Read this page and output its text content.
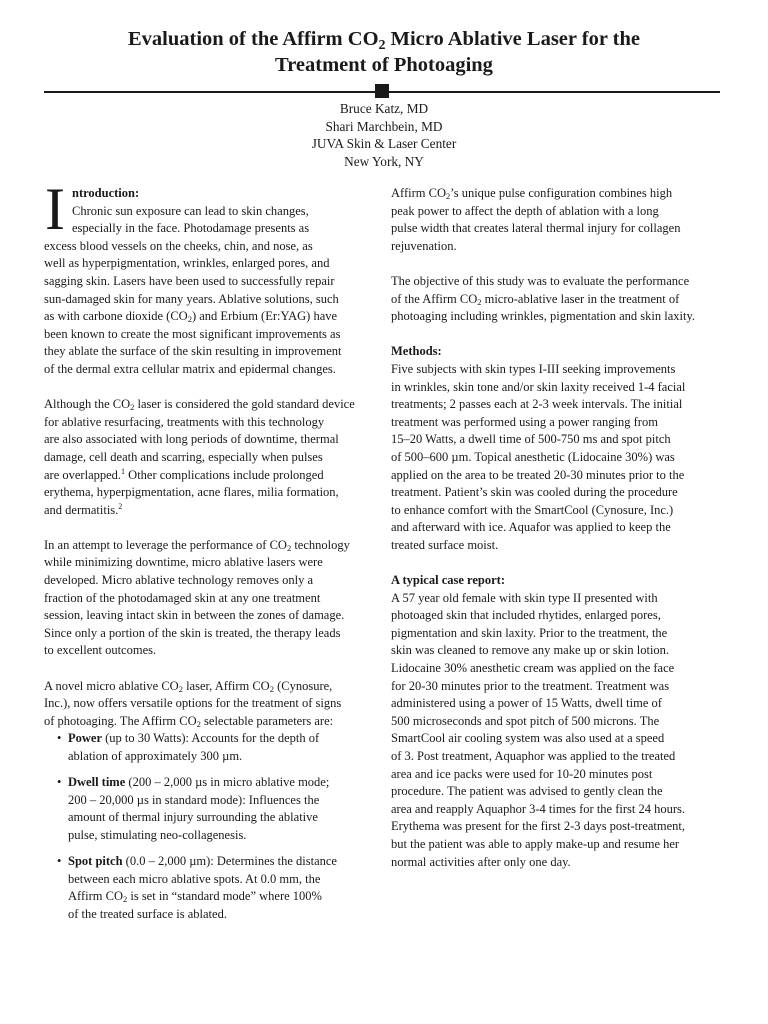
Evaluation of the Affirm $CO_2$ Micro Ablative Laser for the
Treatment of Photoaging
Bruce Katz, MD
Shari Marchbein, MD
JUVA Skin & Laser Center
New York, NY
I ntroduction:
Chronic sun exposure can lead to skin changes,
especially in the face. Photodamage presents as
excess blood vessels on the cheeks, chin, and nose, as
well as hyperpigmentation, wrinkles, enlarged pores, and
sagging skin. Lasers have been used to successfully repair
sun-damaged skin for many years. Ablative solutions, such
as with carbone dioxide $(CO_2)$ and Erbium (Er:YAG) have
been known to create the most significant improvements as
they ablate the surface of the skin resulting in improvement
of the dermal extra cellular matrix and epidermal changes.
Although the $CO_2$ laser is considered the gold standard device
for ablative resurfacing, treatments with this technology
are also associated with long periods of downtime, thermal
damage, cell death and scarring, especially when pulses
are overlapped.$^1$ Other complications include prolonged
erythema, hyperpigmentation, acne flares, milia formation,
and dermatitis.$^2$
In an attempt to leverage the performance of $CO_2$ technology
while minimizing downtime, micro ablative lasers were
developed. Micro ablative technology removes only a
fraction of the photodamaged skin at any one treatment
session, leaving intact skin in between the zones of damage.
Since only a portion of the skin is treated, the therapy leads
to excellent outcomes.
A novel micro ablative $CO_2$ laser, Affirm $CO_2$ (Cynosure,
Inc.), now offers versatile options for the treatment of signs
of photoaging. The Affirm $CO_2$ selectable parameters are:
• Power (up to 30 Watts): Accounts for the depth of
ablation of approximately 300 µm.
• Dwell time (200 – 2,000 µs in micro ablative mode;
200 – 20,000 µs in standard mode): Influences the
amount of thermal injury surrounding the ablative
pulse, stimulating neo-collagenesis.
• Spot pitch (0.0 – 2,000 µm): Determines the distance
between each micro ablative spots. At 0.0 mm, the
Affirm $CO_2$ is set in “standard mode” where 100%
of the treated surface is ablated.
Affirm $CO_2’s$ unique pulse configuration combines high
peak power to affect the depth of ablation with a long
pulse width that creates lateral thermal injury for collagen
rejuvenation.
The objective of this study was to evaluate the performance
of the Affirm $CO_2$ micro-ablative laser in the treatment of
photoaging including wrinkles, pigmentation and skin laxity.
Methods:
Five subjects with skin types I-III seeking improvements
in wrinkles, skin tone and/or skin laxity received 1-4 facial
treatments; 2 passes each at 2-3 week intervals. The initial
treatment was performed using a power ranging from
15–20 Watts, a dwell time of 500-750 ms and spot pitch
of 500–600 µm. Topical anesthetic (Lidocaine 30%) was
applied on the area to be treated 20-30 minutes prior to the
treatment. Patient’s skin was cooled during the procedure
to enhance comfort with the SmartCool (Cynosure, Inc.)
and afterward with ice. Aquafor was applied to keep the
treated surface moist.
A typical case report:
A 57 year old female with skin type II presented with
photoaged skin that included rhytides, enlarged pores,
pigmentation and skin laxity. Prior to the treatment, the
skin was cleaned to remove any make up or skin lotion.
Lidocaine 30% anesthetic cream was applied on the face
for 20-30 minutes prior to the treatment. Treatment was
administered using a power of 15 Watts, dwell time of
500 microseconds and spot pitch of 500 microns. The
SmartCool air cooling system was also used at a speed
of 3. Post treatment, Aquaphor was applied to the treated
area and ice packs were used for 10-20 minutes post
procedure. The patient was advised to gently clean the
area and reapply Aquaphor 3-4 times for the first 24 hours.
Erythema was present for the first 2-3 days post-treatment,
but the patient was able to apply make-up and resume her
normal activities after only one day.
